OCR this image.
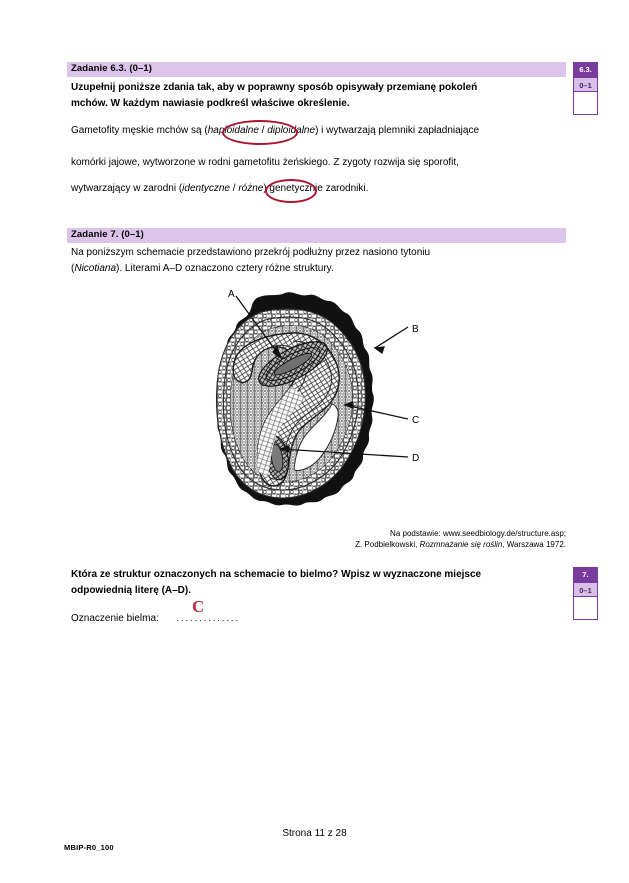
Zadanie 6.3. (0–1)
Uzupełnij poniższe zdania tak, aby w poprawny sposób opisywały przemianę pokoleń
mchów. W każdym nawiasie podkreśl właściwe określenie.
Gametofity męskie mchów są (haploidalne / diploidalne) i wytwarzają plemniki zapładniające
komórki jajowe, wytworzone w rodni gametofitu żeńskiego. Z zygoty rozwija się sporofit,
wytwarzający w zarodni (identyczne / różne) genetycznie zarodniki.
Zadanie 7. (0–1)
Na poniższym schemacie przedstawiono przekrój podłużny przez nasiono tytoniu
(Nicotiana). Literami A–D oznaczono cztery różne struktury.
A
B
C
D
Na podstawie: www.seedbiology.de/structure.asp;
Z. Podbielkowski, Rozmnażanie się roślin, Warszawa 1972.
Która ze struktur oznaczonych na schemacie to bielmo? Wpisz w wyznaczone miejsce
odpowiednią literę (A–D).
Oznaczenie bielma: ․․․․․․․․․․․․․․
C
6.3.
0–1
7.
0–1
Strona 11 z 28
MBIP-R0_100
